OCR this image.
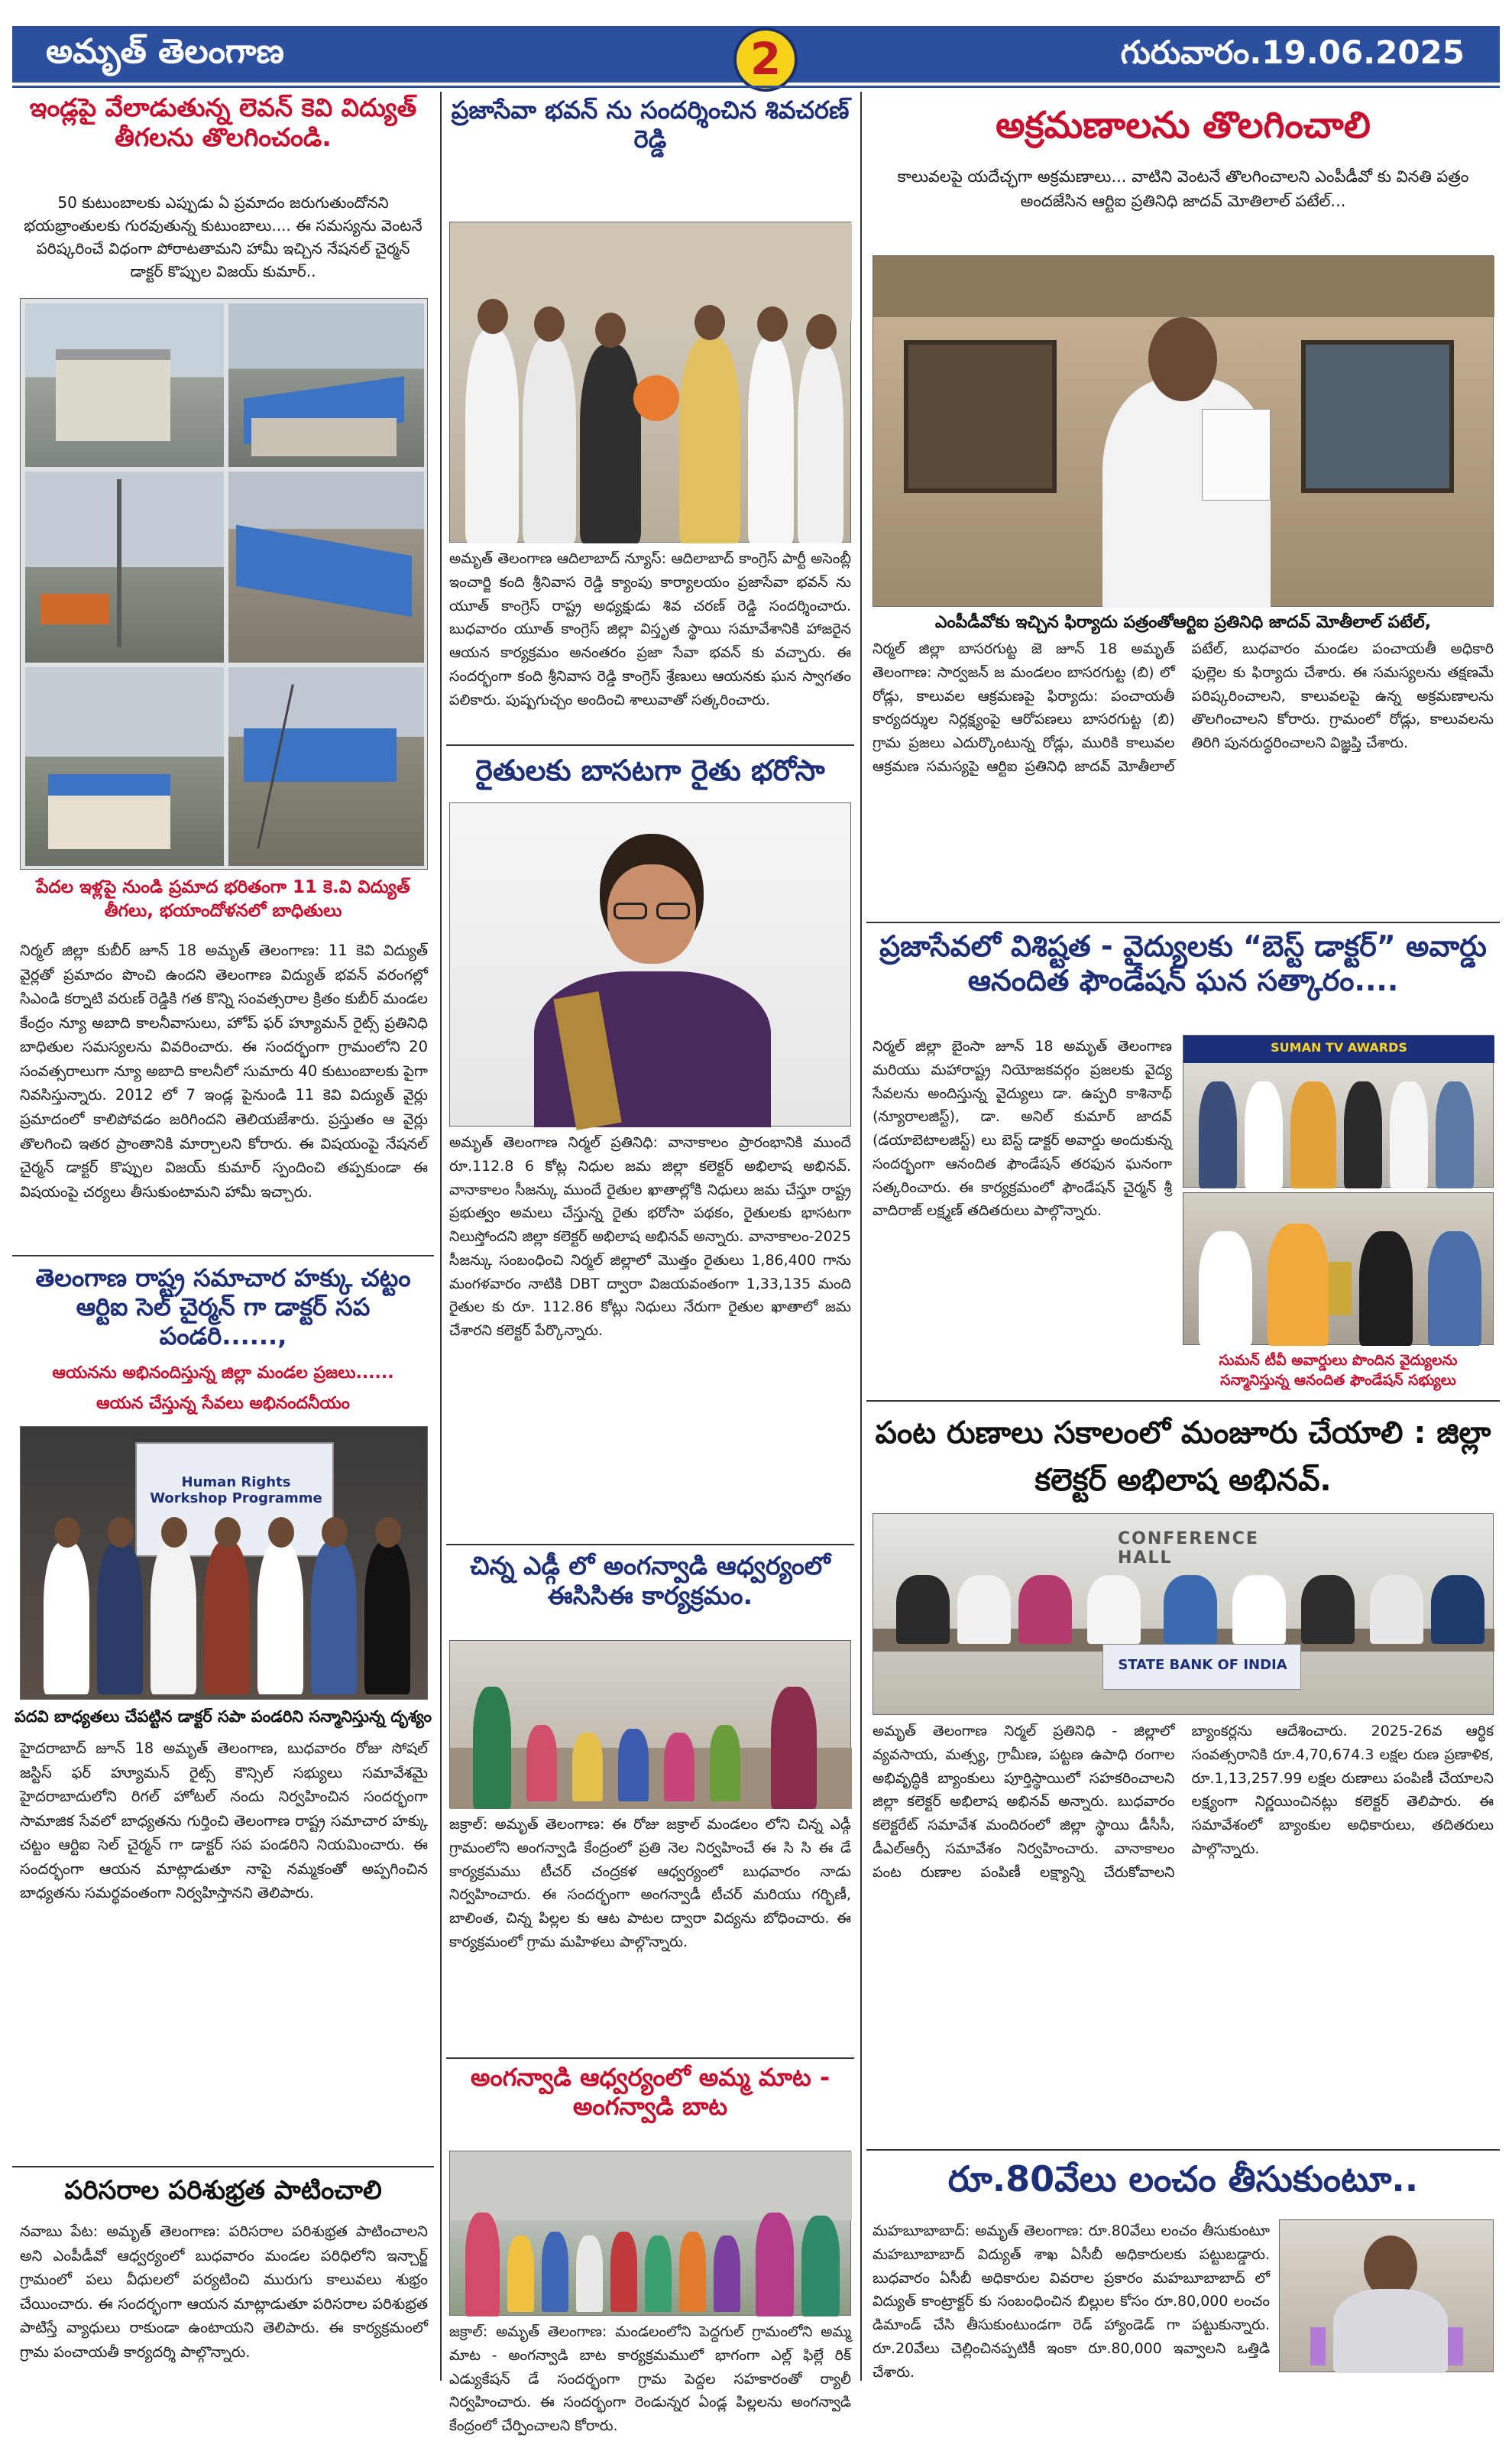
అమృత్ తెలంగాణ	2	గురువారం.19.06.2025
ఇండ్లపై వేలాడుతున్న లెవన్ కెవి విద్యుత్ తీగలను తొలగించండి.
50 కుటుంబాలకు ఎప్పుడు ఏ ప్రమాదం జరుగుతుందోనని భయభ్రాంతులకు గురవుతున్న కుటుంబాలు.... ఈ సమస్యను వెంటనే పరిష్కరించే విధంగా పోరాటతామని హామీ ఇచ్చిన నేషనల్ చైర్మన్ డాక్టర్ కొప్పుల విజయ్ కుమార్..
పేదల ఇళ్లపై నుండి ప్రమాద భరితంగా 11 కె.వి విద్యుత్ తీగలు, భయాందోళనలో బాధితులు
నిర్మల్ జిల్లా కుబీర్ జూన్ 18 అమృత్ తెలంగాణ: 11 కెవి విద్యుత్ వైర్లతో ప్రమాదం పొంచి ఉందని తెలంగాణ విద్యుత్ భవన్ వరంగల్లో సిఎండి కర్నాటి వరుణ్ రెడ్డికి గత కొన్ని సంవత్సరాల క్రితం కుబీర్ మండల కేంద్రం న్యూ అబాది కాలనీవాసులు, హోప్ ఫర్ హ్యూమన్ రైట్స్ ప్రతినిధి బాధితుల సమస్యలను వివరించారు. ఈ సందర్భంగా గ్రామంలోని 20 సంవత్సరాలుగా న్యూ అబాది కాలనీలో సుమారు 40 కుటుంబాలకు పైగా నివసిస్తున్నారు. 2012 లో 7 ఇండ్ల పైనుండి 11 కెవి విద్యుత్ వైర్లు ప్రమాదంలో కాలిపోవడం జరిగిందని తెలియజేశారు. ప్రస్తుతం ఆ వైర్లు తొలగించి ఇతర ప్రాంతానికి మార్చాలని కోరారు. ఈ విషయంపై నేషనల్ చైర్మన్ డాక్టర్ కొప్పుల విజయ్ కుమార్ స్పందించి తప్పకుండా ఈ విషయంపై చర్యలు తీసుకుంటామని హామీ ఇచ్చారు.
తెలంగాణ రాష్ట్ర సమాచార హక్కు చట్టం ఆర్టిఐ సెల్ చైర్మన్ గా డాక్టర్ సప పండరి......,
ఆయనను అభినందిస్తున్న జిల్లా మండల ప్రజలు......
ఆయన చేస్తున్న సేవలు అభినందనీయం
Human Rights Workshop Programme
పదవి బాధ్యతలు చేపట్టిన డాక్టర్ సపా పండరిని సన్మానిస్తున్న దృశ్యం
హైదరాబాద్ జూన్ 18 అమృత్ తెలంగాణ, బుధవారం రోజు సోషల్ జస్టిస్ ఫర్ హ్యూమన్ రైట్స్ కౌన్సిల్ సభ్యులు సమావేశమై హైదరాబాదులోని రిగల్ హోటల్ నందు నిర్వహించిన సందర్భంగా సామాజిక సేవలో బాధ్యతను గుర్తించి తెలంగాణ రాష్ట్ర సమాచార హక్కు చట్టం ఆర్టిఐ సెల్ చైర్మన్ గా డాక్టర్ సప పండరిని నియమించారు. ఈ సందర్భంగా ఆయన మాట్లాడుతూ నాపై నమ్మకంతో అప్పగించిన బాధ్యతను సమర్థవంతంగా నిర్వహిస్తానని తెలిపారు.
పరిసరాల పరిశుభ్రత పాటించాలి
నవాబు పేట: అమృత్ తెలంగాణ: పరిసరాల పరిశుభ్రత పాటించాలని అని ఎంపీడీవో ఆధ్వర్యంలో బుధవారం మండల పరిధిలోని ఇన్చార్జ్ గ్రామంలో పలు వీధులలో పర్యటించి మురుగు కాలువలు శుభ్రం చేయించారు. ఈ సందర్భంగా ఆయన మాట్లాడుతూ పరిసరాల పరిశుభ్రత పాటిస్తే వ్యాధులు రాకుండా ఉంటాయని తెలిపారు. ఈ కార్యక్రమంలో గ్రామ పంచాయతీ కార్యదర్శి పాల్గొన్నారు.
ప్రజాసేవా భవన్ ను సందర్శించిన శివచరణ్ రెడ్డి
అమృత్ తెలంగాణ ఆదిలాబాద్ న్యూస్: ఆదిలాబాద్ కాంగ్రెస్ పార్టీ అసెంబ్లీ ఇంచార్జి కంది శ్రీనివాస రెడ్డి క్యాంపు కార్యాలయం ప్రజాసేవా భవన్ ను యూత్ కాంగ్రెస్ రాష్ట్ర అధ్యక్షుడు శివ చరణ్ రెడ్డి సందర్శించారు. బుధవారం యూత్ కాంగ్రెస్ జిల్లా విస్తృత స్థాయి సమావేశానికి హాజరైన ఆయన కార్యక్రమం అనంతరం ప్రజా సేవా భవన్ కు వచ్చారు. ఈ సందర్భంగా కంది శ్రీనివాస రెడ్డి కాంగ్రెస్ శ్రేణులు ఆయనకు ఘన స్వాగతం పలికారు. పుష్పగుచ్చం అందించి శాలువాతో సత్కరించారు.
రైతులకు బాసటగా రైతు భరోసా
అమృత్ తెలంగాణ నిర్మల్ ప్రతినిధి: వానాకాలం ప్రారంభానికి ముందే రూ.112.8 6 కోట్ల నిధుల జమ జిల్లా కలెక్టర్ అభిలాష అభినవ్. వానాకాలం సీజన్కు ముందే రైతుల ఖాతాల్లోకి నిధులు జమ చేస్తూ రాష్ట్ర ప్రభుత్వం అమలు చేస్తున్న రైతు భరోసా పథకం, రైతులకు భాసటగా నిలుస్తోందని జిల్లా కలెక్టర్ అభిలాష అభినవ్ అన్నారు. వానాకాలం-2025 సీజన్కు సంబంధించి నిర్మల్ జిల్లాలో మొత్తం రైతులు 1,86,400 గాను మంగళవారం నాటికి DBT ద్వారా విజయవంతంగా 1,33,135 మంది రైతుల కు రూ. 112.86 కోట్లు నిధులు నేరుగా రైతుల ఖాతాలో జమ చేశారని కలెక్టర్ పేర్కొన్నారు.
చిన్న ఎడ్గీ లో అంగన్వాడి ఆధ్వర్యంలో ఈసిసిఈ కార్యక్రమం.
జక్రాల్: అమృత్ తెలంగాణ: ఈ రోజు జక్రాల్ మండలం లోని చిన్న ఎడ్గీ గ్రామంలోని అంగన్వాడి కేంద్రంలో ప్రతి నెల నిర్వహించే ఈ సి సి ఈ డే కార్యక్రమము టీచర్ చంద్రకళ ఆధ్వర్యంలో బుధవారం నాడు నిర్వహించారు. ఈ సందర్భంగా అంగన్వాడీ టీచర్ మరియు గర్భిణీ, బాలింత, చిన్న పిల్లల కు ఆట పాటల ద్వారా విద్యను బోధించారు. ఈ కార్యక్రమంలో గ్రామ మహిళలు పాల్గొన్నారు.
అంగన్వాడి ఆధ్వర్యంలో అమ్మ మాట - అంగన్వాడి బాట
జక్రాల్: అమృత్ తెలంగాణ: మండలంలోని పెద్దగుల్ గ్రామంలోని అమ్మ మాట - అంగన్వాడి బాట కార్యక్రమములో భాగంగా ఎల్ల్ ఫిల్లే రిక్ ఎడ్యుకేషన్ డే సందర్భంగా గ్రామ పెద్దల సహకారంతో ర్యాలీ నిర్వహించారు. ఈ సందర్భంగా రెండున్నర ఏండ్ల పిల్లలను అంగన్వాడి కేంద్రంలో చేర్పించాలని కోరారు.
అక్రమణాలను తొలగించాలి
కాలువలపై యదేచ్ఛగా అక్రమణాలు... వాటిని వెంటనే తొలగించాలని ఎంపీడీవో కు వినతి పత్రం అందజేసిన ఆర్టిఐ ప్రతినిధి జాదవ్ మోతిలాల్ పటేల్...
ఎంపీడీవోకు ఇచ్చిన ఫిర్యాదు పత్రంతోఆర్టిఐ ప్రతినిధి జాదవ్ మోతీలాల్ పటేల్,
నిర్మల్ జిల్లా బాసరగుట్ట జె జూన్ 18 అమృత్ తెలంగాణ: సార్వజన్ జ మండలం బాసరగుట్ట (బి) లో రోడ్లు, కాలువల ఆక్రమణపై ఫిర్యాదు: పంచాయతీ కార్యదర్శుల నిర్లక్ష్యంపై ఆరోపణలు బాసరగుట్ట (బి) గ్రామ ప్రజలు ఎదుర్కొంటున్న రోడ్లు, మురికి కాలువల ఆక్రమణ సమస్యపై ఆర్టిఐ ప్రతినిధి జాదవ్ మోతీలాల్ పటేల్, బుధవారం మండల పంచాయతీ అధికారి ఫుల్లెల కు ఫిర్యాదు చేశారు. ఈ సమస్యలను తక్షణమే పరిష్కరించాలని, కాలువలపై ఉన్న అక్రమణాలను తొలగించాలని కోరారు. గ్రామంలో రోడ్లు, కాలువలను తిరిగి పునరుద్ధరించాలని విజ్ఞప్తి చేశారు.
ప్రజాసేవలో విశిష్టత - వైద్యులకు “బెస్ట్ డాక్టర్” అవార్డు ఆనందిత ఫౌండేషన్ ఘన సత్కారం....
నిర్మల్ జిల్లా బైంసా జూన్ 18 అమృత్ తెలంగాణ మరియు మహారాష్ట్ర నియోజకవర్గం ప్రజలకు వైద్య సేవలను అందిస్తున్న వైద్యులు డా. ఉప్పరి కాశినాథ్ (న్యూరాలజిస్ట్), డా. అనిల్ కుమార్ జాదవ్ (డయాబెటాలజిస్ట్) లు బెస్ట్ డాక్టర్ అవార్డు అందుకున్న సందర్భంగా ఆనందిత ఫౌండేషన్ తరఫున ఘనంగా సత్కరించారు. ఈ కార్యక్రమంలో ఫౌండేషన్ చైర్మన్ శ్రీ వాదిరాజ్ లక్ష్మణ్ తదితరులు పాల్గొన్నారు.
SUMAN TV AWARDS
సుమన్ టీవీ అవార్డులు పొందిన వైద్యులను సన్మానిస్తున్న ఆనందిత ఫౌండేషన్ సభ్యులు
పంట రుణాలు సకాలంలో మంజూరు చేయాలి : జిల్లా కలెక్టర్ అభిలాష అభినవ్.
CONFERENCE HALL
STATE BANK OF INDIA
అమృత్ తెలంగాణ నిర్మల్ ప్రతినిధి - జిల్లాలో వ్యవసాయ, మత్స్య, గ్రామీణ, పట్టణ ఉపాధి రంగాల అభివృద్ధికి బ్యాంకులు పూర్తిస్థాయిలో సహకరించాలని జిల్లా కలెక్టర్ అభిలాష అభినవ్ అన్నారు. బుధవారం కలెక్టరేట్ సమావేశ మందిరంలో జిల్లా స్థాయి డీసీసీ, డీఎల్ఆర్సీ సమావేశం నిర్వహించారు. వానాకాలం పంట రుణాల పంపిణీ లక్ష్యాన్ని చేరుకోవాలని బ్యాంకర్లను ఆదేశించారు. 2025-26వ ఆర్థిక సంవత్సరానికి రూ.4,70,674.3 లక్షల రుణ ప్రణాళిక, రూ.1,13,257.99 లక్షల రుణాలు పంపిణీ చేయాలని లక్ష్యంగా నిర్ణయించినట్లు కలెక్టర్ తెలిపారు. ఈ సమావేశంలో బ్యాంకుల అధికారులు, తదితరులు పాల్గొన్నారు.
రూ.80వేలు లంచం తీసుకుంటూ..
మహబూబాబాద్: అమృత్ తెలంగాణ: రూ.80వేలు లంచం తీసుకుంటూ మహబూబాబాద్ విద్యుత్ శాఖ ఏసీబీ అధికారులకు పట్టుబడ్డారు. బుధవారం ఏసీబీ అధికారుల వివరాల ప్రకారం మహబూబాబాద్ లో విద్యుత్ కాంట్రాక్టర్ కు సంబంధించిన బిల్లుల కోసం రూ.80,000 లంచం డిమాండ్ చేసి తీసుకుంటుండగా రెడ్ హ్యాండెడ్ గా పట్టుకున్నారు. రూ.20వేలు చెల్లించినప్పటికీ ఇంకా రూ.80,000 ఇవ్వాలని ఒత్తిడి చేశారు.
